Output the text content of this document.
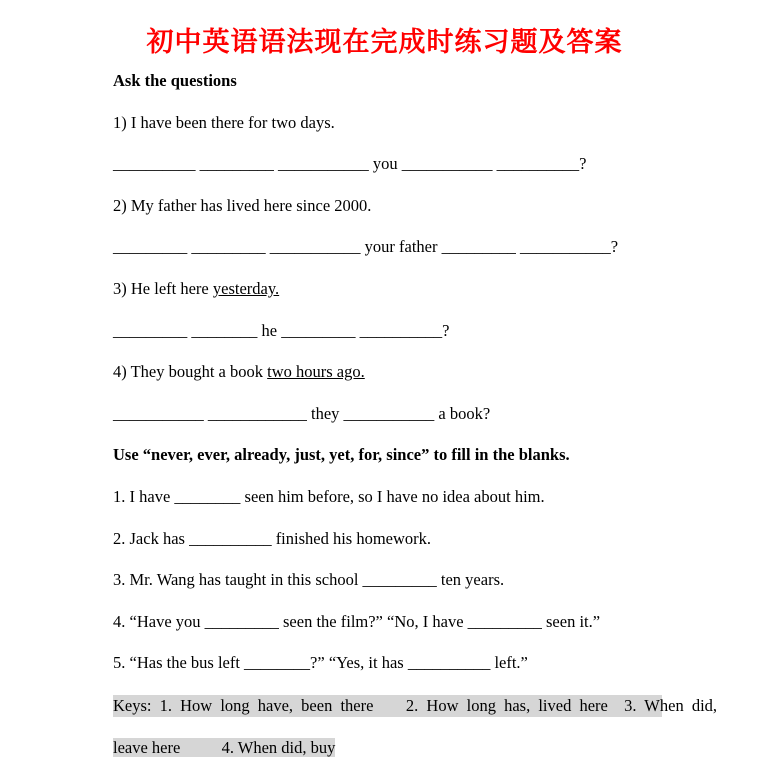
初中英语语法现在完成时练习题及答案
Ask the questions
1) I have been there for two days.
__________ _________ ___________ you ___________ __________?
2) My father has lived here since 2000.
_________ _________ ___________ your father _________ ___________?
3) He left here yesterday.
_________ ________ he _________ __________?
4) They bought a book two hours ago.
___________ ____________ they ___________ a book?
Use “never, ever, already, just, yet, for, since” to fill in the blanks.
1. I have ________ seen him before, so I have no idea about him.
2. Jack has __________ finished his homework.
3. Mr. Wang has taught in this school _________ ten years.
4. “Have you _________ seen the film?” “No, I have _________ seen it.”
5. “Has the bus left ________?” “Yes, it has __________ left.”
Keys: 1. How long have, been there    2. How long has, lived here  3. When did,
leave here          4. When did, buy
